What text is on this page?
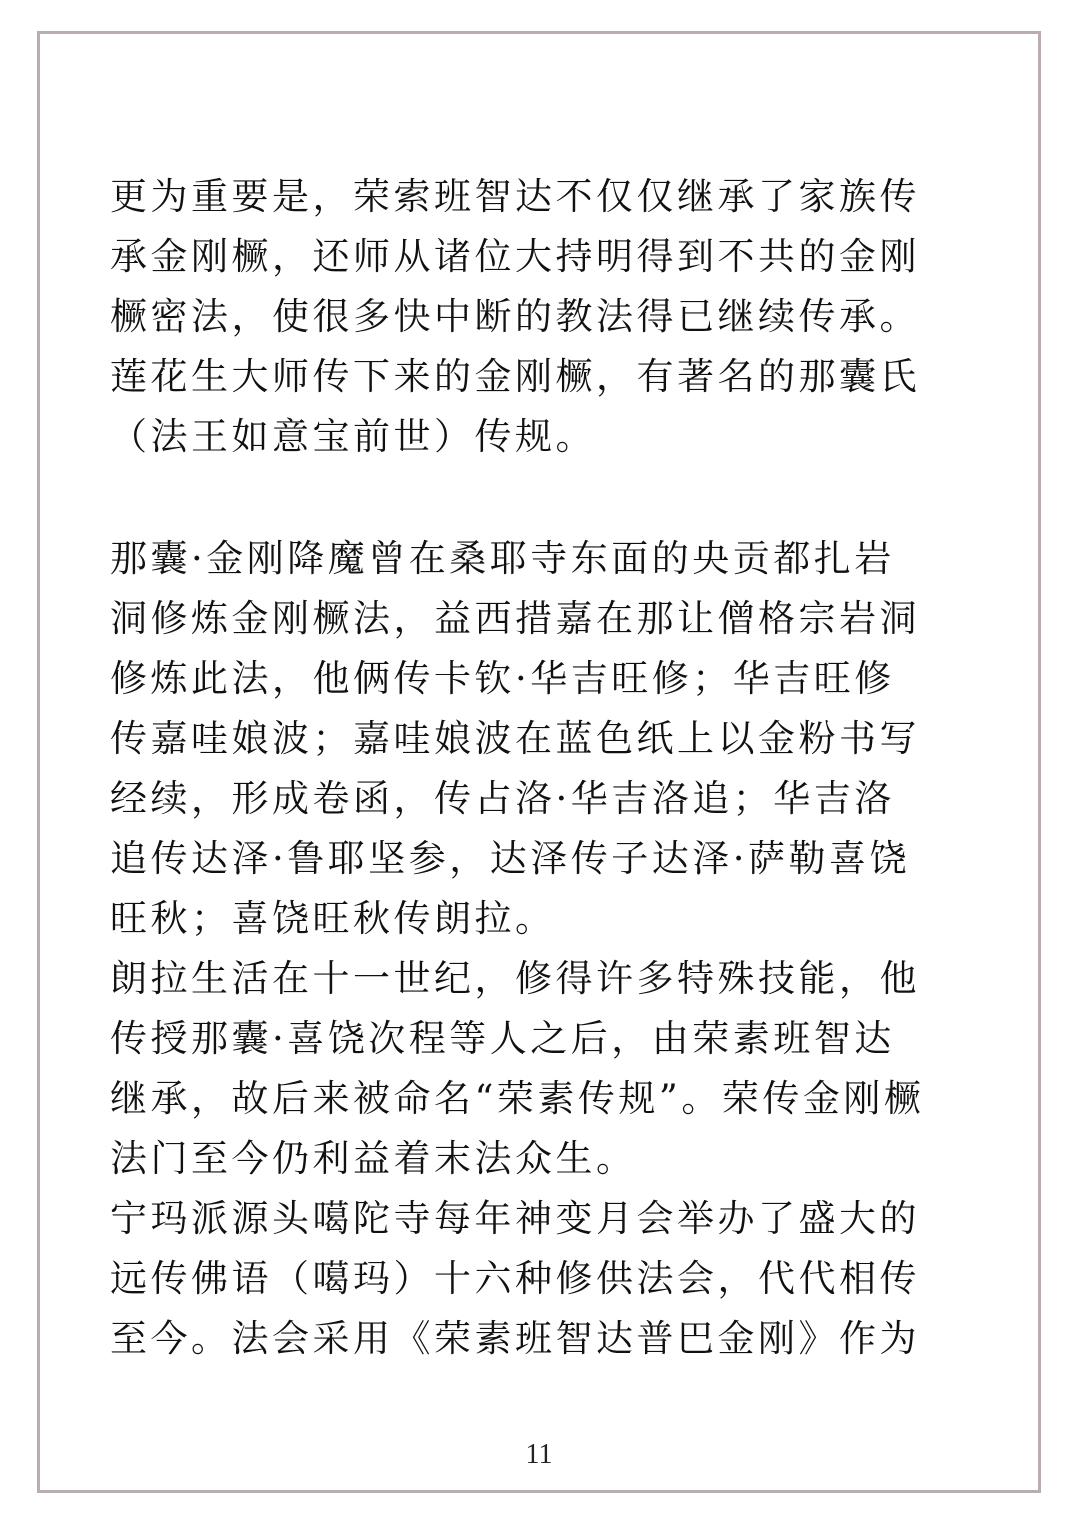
更为重要是，荣索班智达不仅仅继承了家族传
承金刚橛，还师从诸位大持明得到不共的金刚
橛密法，使很多快中断的教法得已继续传承。
莲花生大师传下来的金刚橛，有著名的那囊氏
（法王如意宝前世）传规。
那囊·金刚降魔曾在桑耶寺东面的央贡都扎岩
洞修炼金刚橛法，益西措嘉在那让僧格宗岩洞
修炼此法，他俩传卡钦·华吉旺修；华吉旺修
传嘉哇娘波；嘉哇娘波在蓝色纸上以金粉书写
经续，形成卷函，传占洛·华吉洛追；华吉洛
追传达泽·鲁耶坚参，达泽传子达泽·萨勒喜饶
旺秋；喜饶旺秋传朗拉。
朗拉生活在十一世纪，修得许多特殊技能，他
传授那囊·喜饶次程等人之后，由荣素班智达
继承，故后来被命名“荣素传规”。荣传金刚橛
法门至今仍利益着末法众生。
宁玛派源头噶陀寺每年神变月会举办了盛大的
远传佛语（噶玛）十六种修供法会，代代相传
至今。法会采用《荣素班智达普巴金刚》作为
11
